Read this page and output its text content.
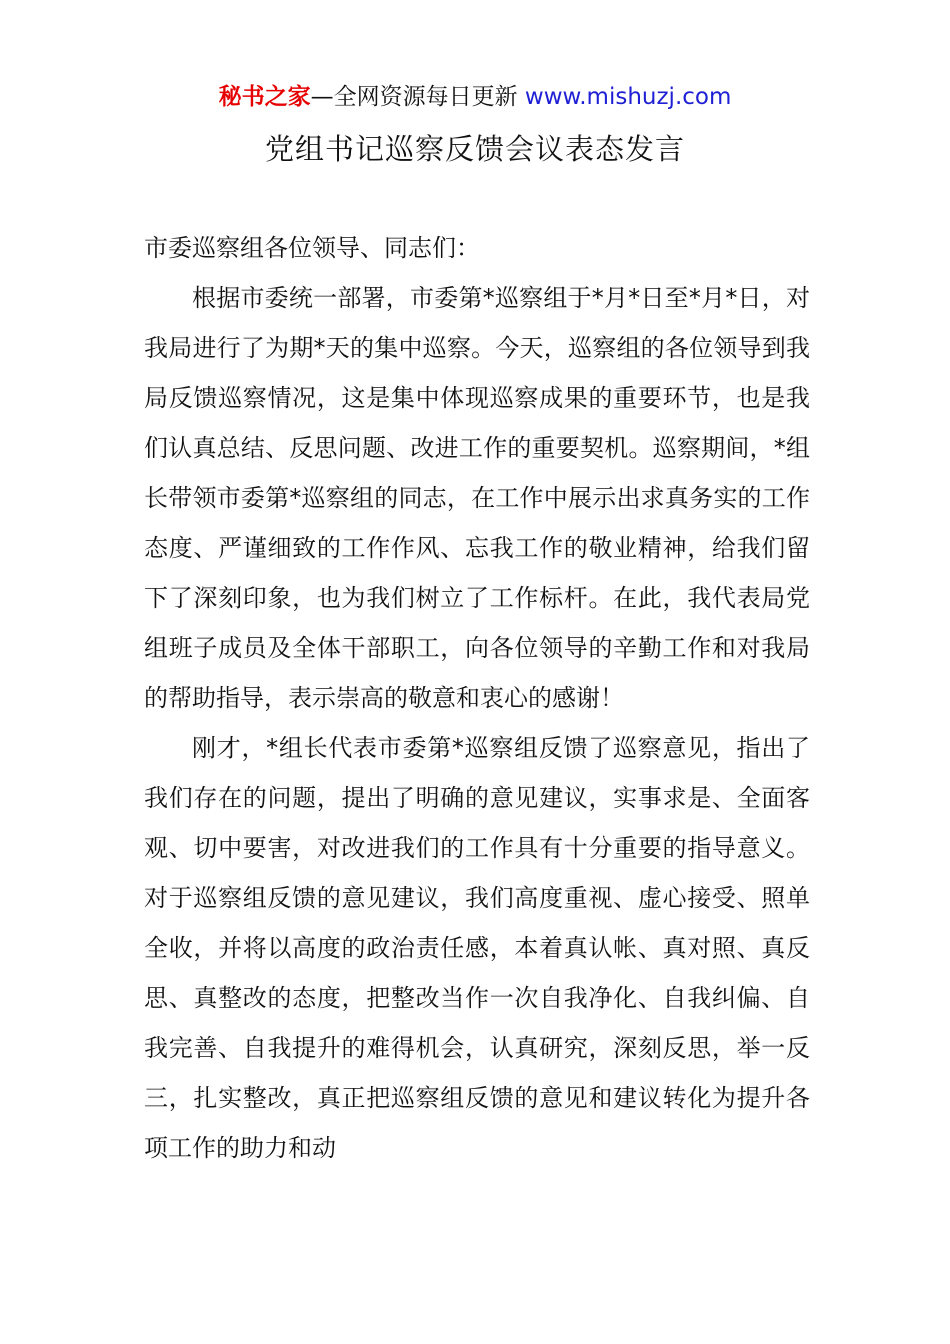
秘书之家—全网资源每日更新 www.mishuzj.com
党组书记巡察反馈会议表态发言

市委巡察组各位领导、同志们：

根据市委统一部署，市委第*巡察组于*月*日至*月*日，对我局进行了为期*天的集中巡察。今天，巡察组的各位领导到我局反馈巡察情况，这是集中体现巡察成果的重要环节，也是我们认真总结、反思问题、改进工作的重要契机。巡察期间，*组长带领市委第*巡察组的同志，在工作中展示出求真务实的工作态度、严谨细致的工作作风、忘我工作的敬业精神，给我们留下了深刻印象，也为我们树立了工作标杆。在此，我代表局党组班子成员及全体干部职工，向各位领导的辛勤工作和对我局的帮助指导，表示崇高的敬意和衷心的感谢！

刚才，*组长代表市委第*巡察组反馈了巡察意见，指出了我们存在的问题，提出了明确的意见建议，实事求是、全面客观、切中要害，对改进我们的工作具有十分重要的指导意义。对于巡察组反馈的意见建议，我们高度重视、虚心接受、照单全收，并将以高度的政治责任感，本着真认帐、真对照、真反思、真整改的态度，把整改当作一次自我净化、自我纠偏、自我完善、自我提升的难得机会，认真研究，深刻反思，举一反三，扎实整改，真正把巡察组反馈的意见和建议转化为提升各项工作的助力和动
